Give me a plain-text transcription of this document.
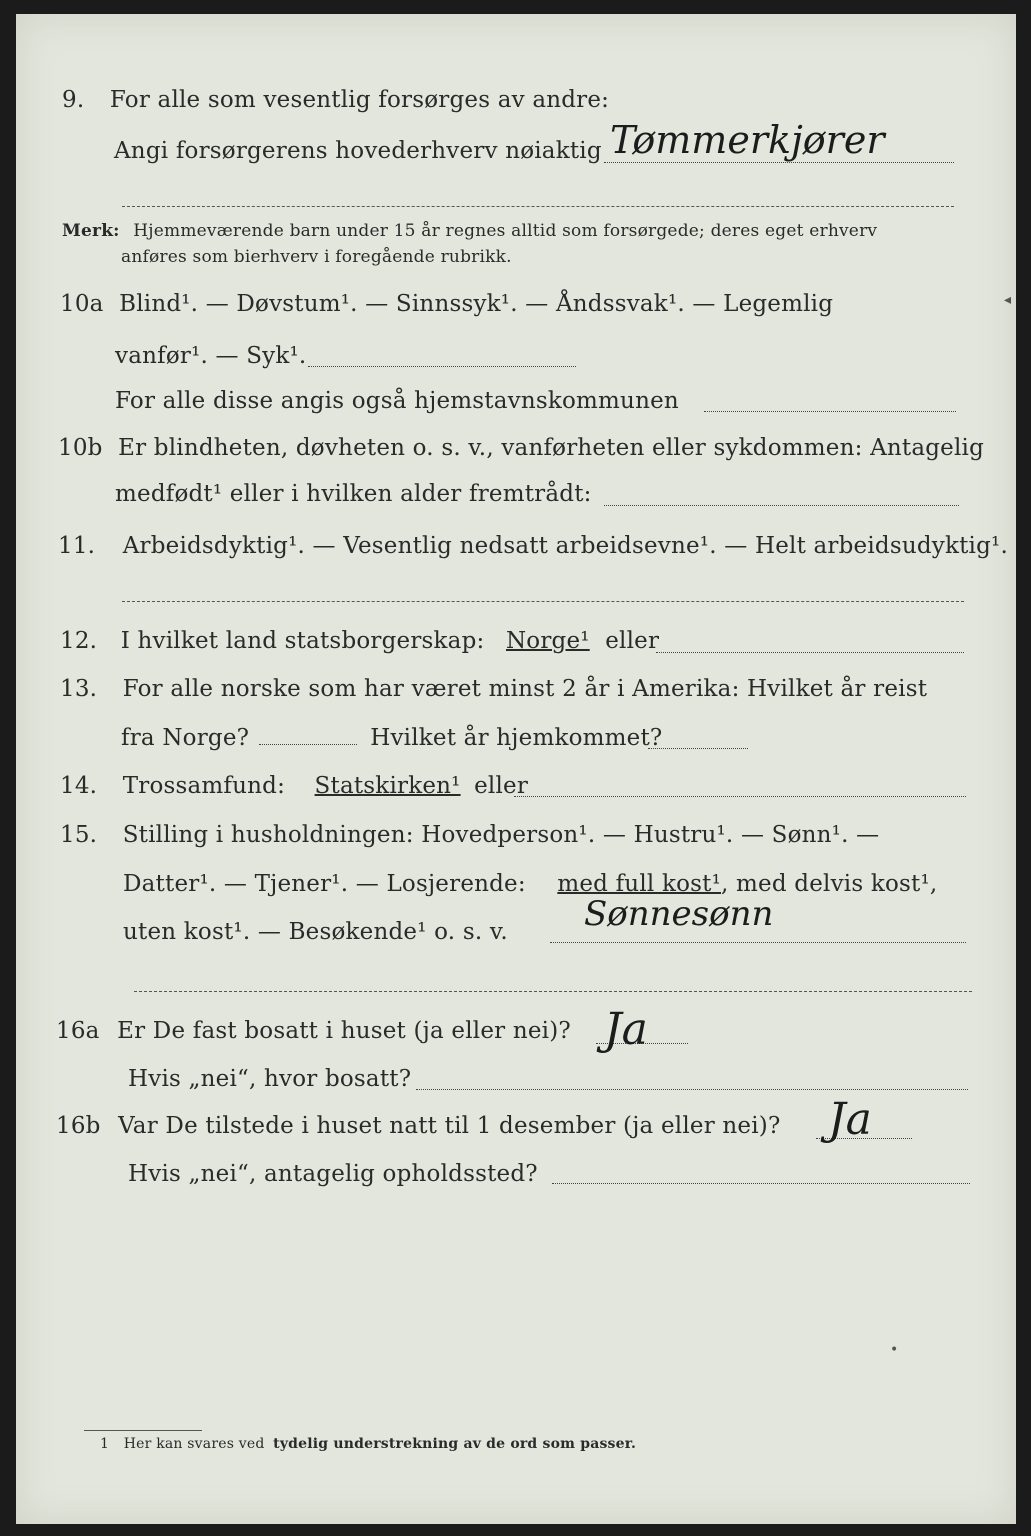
9. For alle som vesentlig forsørges av andre:
Angi forsørgerens hovederhverv nøiaktig Tømmerkjører
Merk: Hjemmeværende barn under 15 år regnes alltid som forsørgede; deres eget erhverv
anføres som bierhverv i foregående rubrikk.
10a Blind¹. — Døvstum¹. — Sinnssyk¹. — Åndssvak¹. — Legemlig
vanfør¹. — Syk¹.
For alle disse angis også hjemstavnskommunen
10b Er blindheten, døvheten o. s. v., vanførheten eller sykdommen: Antagelig
medfødt¹ eller i hvilken alder fremtrådt:
11. Arbeidsdyktig¹. — Vesentlig nedsatt arbeidsevne¹. — Helt arbeidsudyktig¹.
12. I hvilket land statsborgerskap: Norge¹ eller
13. For alle norske som har været minst 2 år i Amerika: Hvilket år reist
fra Norge?	Hvilket år hjemkommet?
14. Trossamfund: Statskirken¹ eller
15. Stilling i husholdningen: Hovedperson¹. — Hustru¹. — Sønn¹. —
Datter¹. — Tjener¹. — Losjerende: med full kost¹, med delvis kost¹,
uten kost¹. — Besøkende¹ o. s. v. Sønnesønn
16a Er De fast bosatt i huset (ja eller nei)? Ja
Hvis „nei“, hvor bosatt?
16b Var De tilstede i huset natt til 1 desember (ja eller nei)? Ja
Hvis „nei“, antagelig opholdssted?
1 Her kan svares ved tydelig understrekning av de ord som passer.
◂
•
